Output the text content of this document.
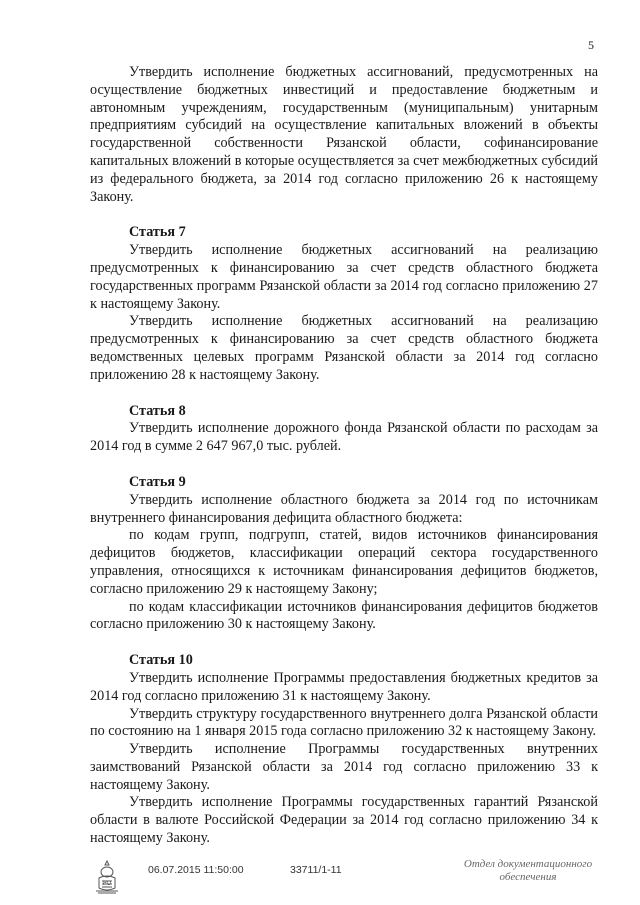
5

Утвердить исполнение бюджетных ассигнований, предусмотренных на осуществление бюджетных инвестиций и предоставление бюджетным и автономным учреждениям, государственным (муниципальным) унитарным предприятиям субсидий на осуществление капитальных вложений в объекты государственной собственности Рязанской области, софинансирование капитальных вложений в которые осуществляется за счет межбюджетных субсидий из федерального бюджета, за 2014 год согласно приложению 26 к настоящему Закону.

Статья 7

Утвердить исполнение бюджетных ассигнований на реализацию предусмотренных к финансированию за счет средств областного бюджета государственных программ Рязанской области за 2014 год согласно приложению 27 к настоящему Закону.

Утвердить исполнение бюджетных ассигнований на реализацию предусмотренных к финансированию за счет средств областного бюджета ведомственных целевых программ Рязанской области за 2014 год согласно приложению 28 к настоящему Закону.

Статья 8

Утвердить исполнение дорожного фонда Рязанской области по расходам за 2014 год в сумме 2 647 967,0 тыс. рублей.

Статья 9

Утвердить исполнение областного бюджета за 2014 год по источникам внутреннего финансирования дефицита областного бюджета:

по кодам групп, подгрупп, статей, видов источников финансирования дефицитов бюджетов, классификации операций сектора государственного управления, относящихся к источникам финансирования дефицитов бюджетов, согласно приложению 29 к настоящему Закону;

по кодам классификации источников финансирования дефицитов бюджетов согласно приложению 30 к настоящему Закону.

Статья 10

Утвердить исполнение Программы предоставления бюджетных кредитов за 2014 год согласно приложению 31 к настоящему Закону.

Утвердить структуру государственного внутреннего долга Рязанской области по состоянию на 1 января 2015 года согласно приложению 32 к настоящему Закону.

Утвердить исполнение Программы государственных внутренних заимствований Рязанской области за 2014 год согласно приложению 33 к настоящему Закону.

Утвердить исполнение Программы государственных гарантий Рязанской области в валюте Российской Федерации за 2014 год согласно приложению 34 к настоящему Закону.

РО
06.07.2015 11:50:00	33711/1-11	Отдел документационного
обеспечения
